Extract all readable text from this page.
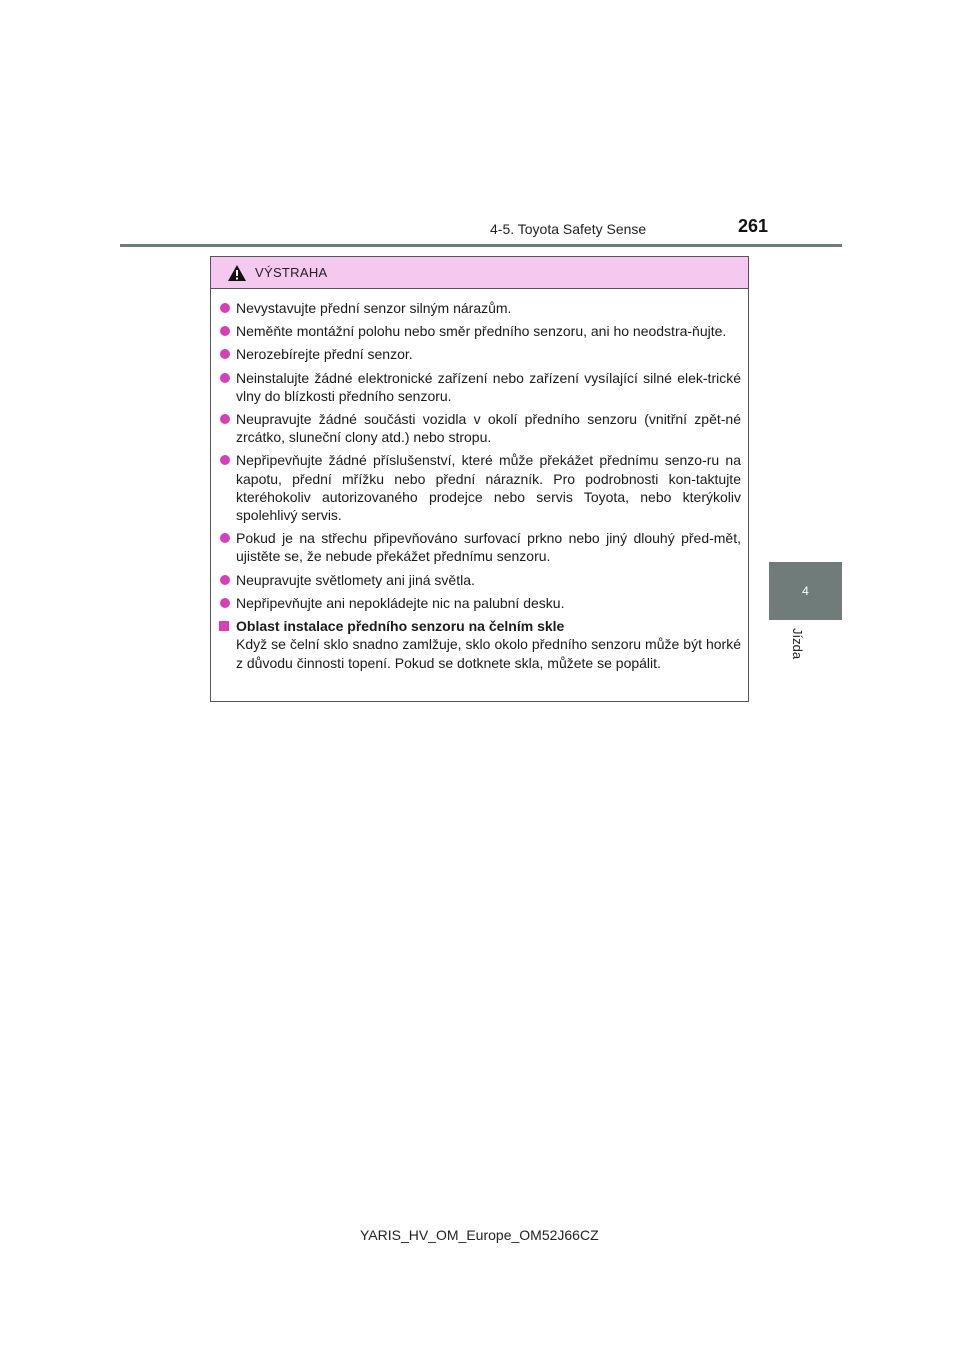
4-5. Toyota Safety Sense	261
4
Jízda
VÝSTRAHA
Nevystavujte přední senzor silným nárazům.
Neměňte montážní polohu nebo směr předního senzoru, ani ho neodstra-ňujte.
Nerozebírejte přední senzor.
Neinstalujte žádné elektronické zařízení nebo zařízení vysílající silné elek-trické vlny do blízkosti předního senzoru.
Neupravujte žádné součásti vozidla v okolí předního senzoru (vnitřní zpět-né zrcátko, sluneční clony atd.) nebo stropu.
Nepřipevňujte žádné příslušenství, které může překážet přednímu senzo-ru na kapotu, přední mřížku nebo přední nárazník. Pro podrobnosti kon-taktujte kteréhokoliv autorizovaného prodejce nebo servis Toyota, nebo kterýkoliv spolehlivý servis.
Pokud je na střechu připevňováno surfovací prkno nebo jiný dlouhý před-mět, ujistěte se, že nebude překážet přednímu senzoru.
Neupravujte světlomety ani jiná světla.
Nepřipevňujte ani nepokládejte nic na palubní desku.
Oblast instalace předního senzoru na čelním skle
Když se čelní sklo snadno zamlžuje, sklo okolo předního senzoru může být horké z důvodu činnosti topení. Pokud se dotknete skla, můžete se popálit.
YARIS_HV_OM_Europe_OM52J66CZ
